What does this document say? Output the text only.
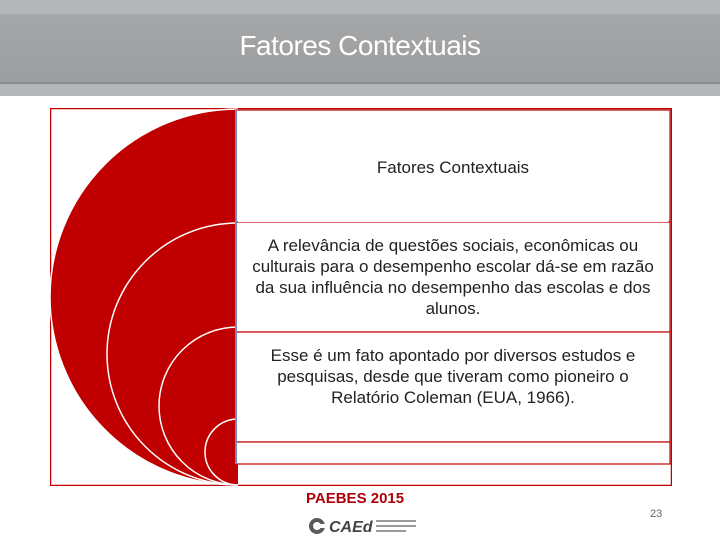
Fatores Contextuais
Fatores Contextuais
A relevância de questões sociais, econômicas ou culturais para o desempenho escolar dá-se em razão da sua influência no desempenho das escolas e dos alunos.
Esse é um fato apontado por diversos estudos e pesquisas, desde que tiveram como pioneiro o Relatório Coleman (EUA, 1966).
PAEBES 2015
CAEd
23
